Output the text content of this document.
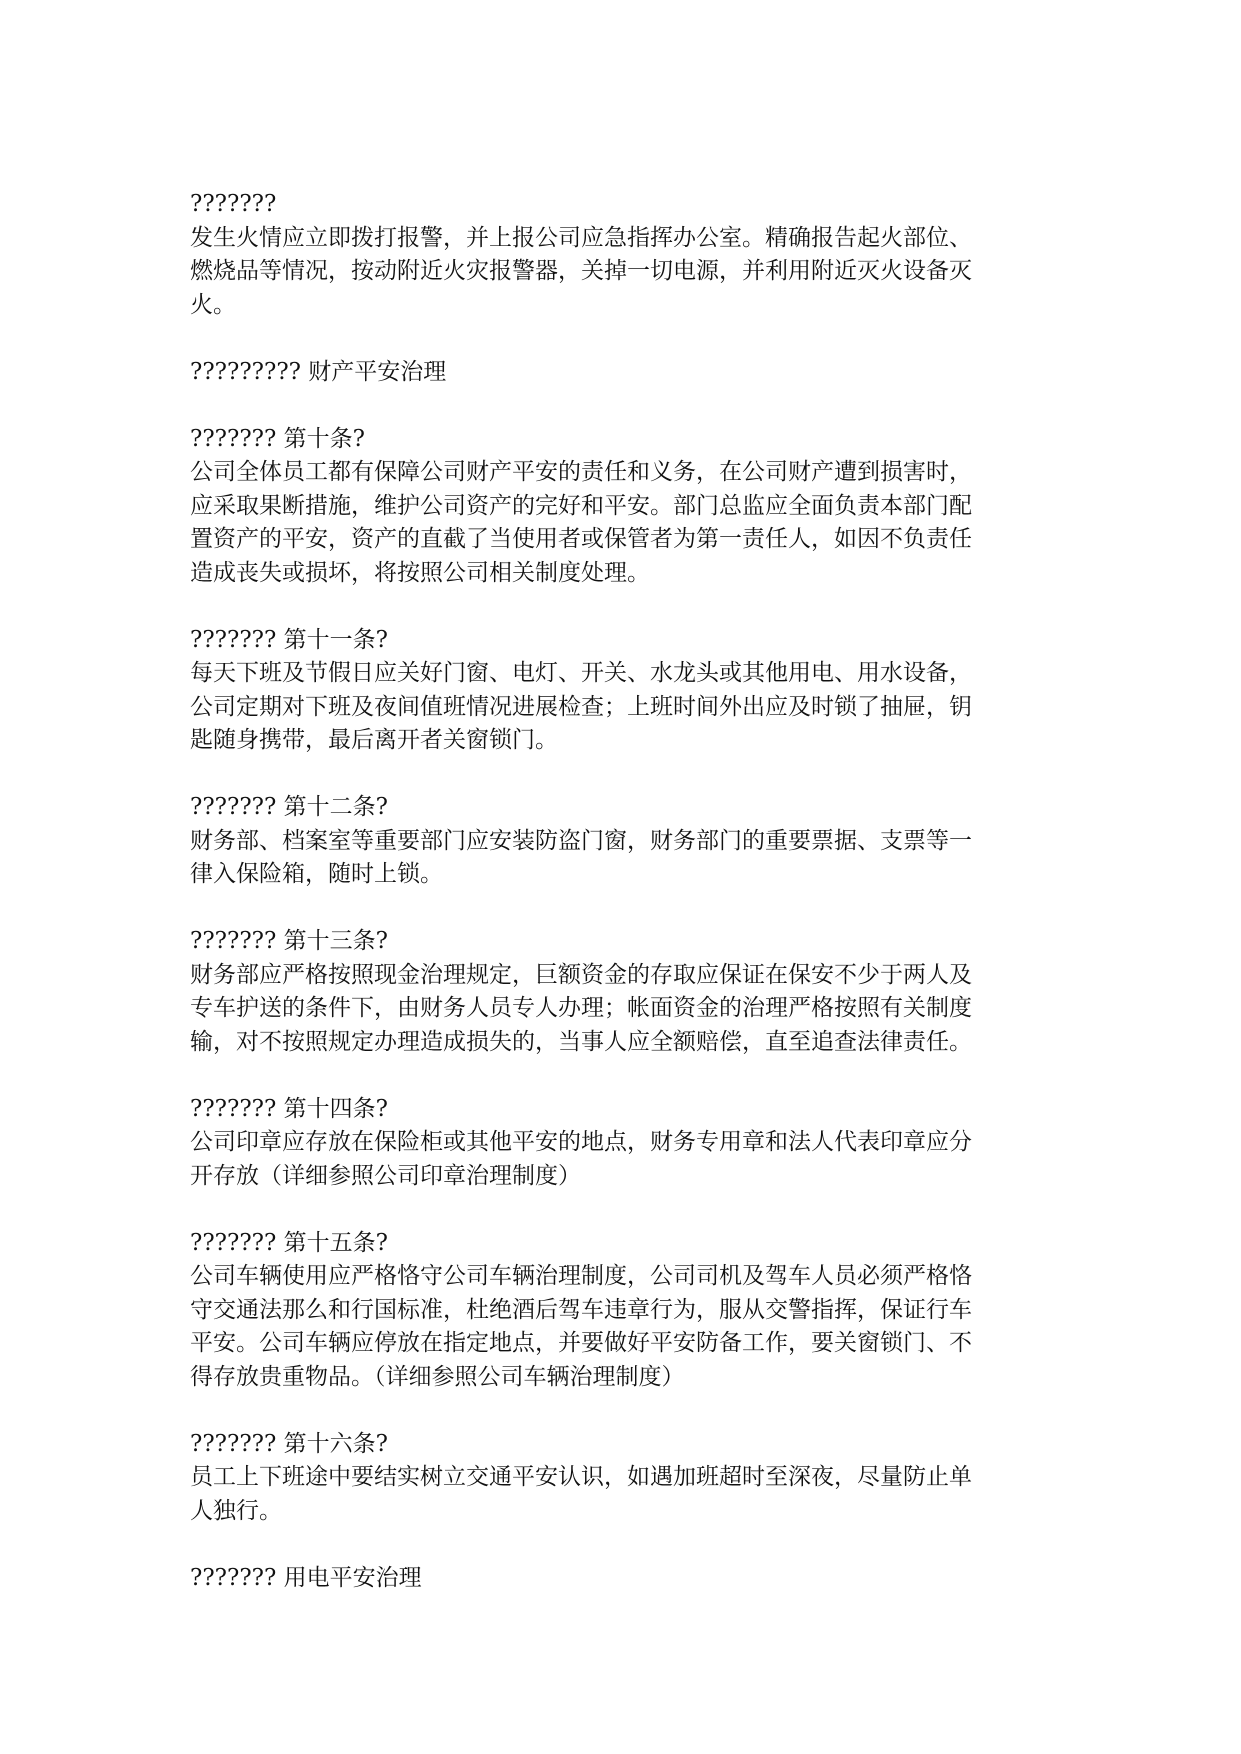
???????

发生火情应立即拨打报警，并上报公司应急指挥办公室。精确报告起火部位、
燃烧品等情况，按动附近火灾报警器，关掉一切电源，并利用附近灭火设备灭
火。

????????? 财产平安治理

??????? 第十条?

公司全体员工都有保障公司财产平安的责任和义务，在公司财产遭到损害时，
应采取果断措施，维护公司资产的完好和平安。部门总监应全面负责本部门配
置资产的平安，资产的直截了当使用者或保管者为第一责任人，如因不负责任
造成丧失或损坏，将按照公司相关制度处理。

??????? 第十一条?

每天下班及节假日应关好门窗、电灯、开关、水龙头或其他用电、用水设备，
公司定期对下班及夜间值班情况进展检查；上班时间外出应及时锁了抽屉，钥
匙随身携带，最后离开者关窗锁门。

??????? 第十二条?

财务部、档案室等重要部门应安装防盗门窗，财务部门的重要票据、支票等一
律入保险箱，随时上锁。

??????? 第十三条?

财务部应严格按照现金治理规定，巨额资金的存取应保证在保安不少于两人及
专车护送的条件下，由财务人员专人办理；帐面资金的治理严格按照有关制度
输，对不按照规定办理造成损失的，当事人应全额赔偿，直至追查法律责任。

??????? 第十四条?

公司印章应存放在保险柜或其他平安的地点，财务专用章和法人代表印章应分
开存放（详细参照公司印章治理制度）

??????? 第十五条?

公司车辆使用应严格恪守公司车辆治理制度，公司司机及驾车人员必须严格恪
守交通法那么和行国标准，杜绝酒后驾车违章行为，服从交警指挥，保证行车
平安。公司车辆应停放在指定地点，并要做好平安防备工作，要关窗锁门、不
得存放贵重物品。（详细参照公司车辆治理制度）

??????? 第十六条?

员工上下班途中要结实树立交通平安认识，如遇加班超时至深夜，尽量防止单
人独行。

??????? 用电平安治理
